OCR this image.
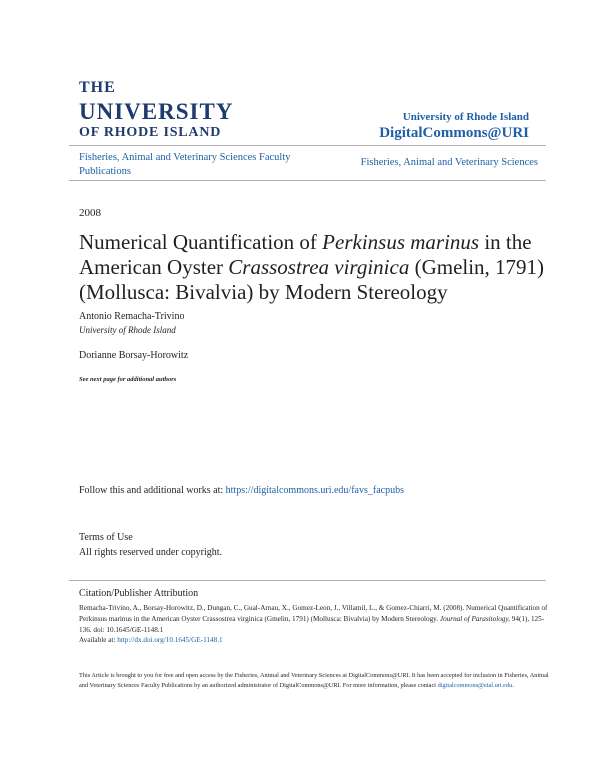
THE
UNIVERSITY
OF RHODE ISLAND
University of Rhode Island
DigitalCommons@URI
Fisheries, Animal and Veterinary Sciences Faculty Publications
Fisheries, Animal and Veterinary Sciences
2008
Numerical Quantification of Perkinsus marinus in the American Oyster Crassostrea virginica (Gmelin, 1791) (Mollusca: Bivalvia) by Modern Stereology
Antonio Remacha-Trivino
University of Rhode Island
Dorianne Borsay-Horowitz
See next page for additional authors
Follow this and additional works at: https://digitalcommons.uri.edu/favs_facpubs
Terms of Use
All rights reserved under copyright.
Citation/Publisher Attribution
Remacha-Trivino, A., Borsay-Horowitz, D., Dungan, C., Gual-Arnau, X., Gomez-Leon, J., Villamil, L., & Gomez-Chiarri, M. (2008). Numerical Quantification of Perkinsus marinus in the American Oyster Crassostrea virginica (Gmelin, 1791) (Mollusca: Bivalvia) by Modern Stereology. Journal of Parasitology, 94(1), 125-136. doi: 10.1645/GE-1148.1
Available at: http://dx.doi.org/10.1645/GE-1148.1
This Article is brought to you for free and open access by the Fisheries, Animal and Veterinary Sciences at DigitalCommons@URI. It has been accepted for inclusion in Fisheries, Animal and Veterinary Sciences Faculty Publications by an authorized administrator of DigitalCommons@URI. For more information, please contact digitalcommons@etal.uri.edu.
